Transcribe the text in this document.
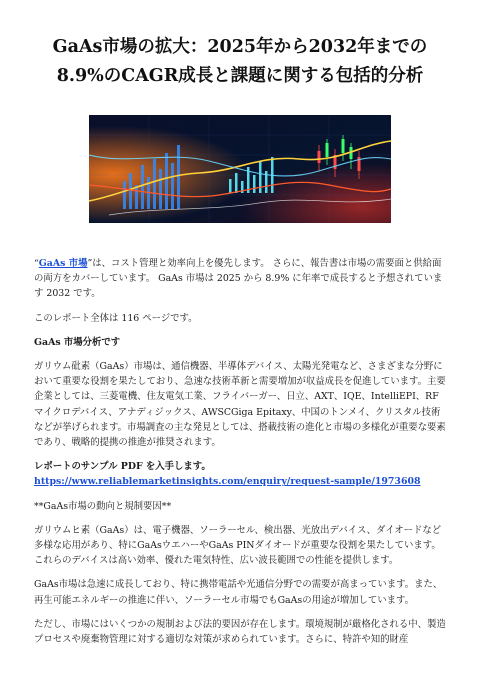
GaAs市場の拡大：2025年から2032年までの
8.9%のCAGR成長と課題に関する包括的分析

“GaAs 市場”は、コスト管理と効率向上を優先します。 さらに、報告書は市場の需要面と供給面の両方をカバーしています。 GaAs 市場は 2025 から 8.9% に年率で成長すると予想されています 2032 です。

このレポート全体は 116 ページです。

GaAs 市場分析です

ガリウム砒素（GaAs）市場は、通信機器、半導体デバイス、太陽光発電など、さまざまな分野において重要な役割を果たしており、急速な技術革新と需要増加が収益成長を促進しています。主要企業としては、三菱電機、住友電気工業、フライバーガー、日立、AXT、IQE、IntelliEPI、RFマイクロデバイス、アナディジックス、AWSCGiga Epitaxy、中国のトンメイ、クリスタル技術などが挙げられます。市場調査の主な発見としては、搭載技術の進化と市場の多様化が重要な要素であり、戦略的提携の推進が推奨されます。

レポートのサンプル PDF を入手します。 https://www.reliablemarketinsights.com/enquiry/request-sample/1973608

**GaAs市場の動向と規制要因**

ガリウムヒ素（GaAs）は、電子機器、ソーラーセル、検出器、光放出デバイス、ダイオードなど多様な応用があり、特にGaAsウエハーやGaAs PINダイオードが重要な役割を果たしています。これらのデバイスは高い効率、優れた電気特性、広い波長範囲での性能を提供します。

GaAs市場は急速に成長しており、特に携帯電話や光通信分野での需要が高まっています。また、再生可能エネルギーの推進に伴い、ソーラーセル市場でもGaAsの用途が増加しています。

ただし、市場にはいくつかの規制および法的要因が存在します。環境規制が厳格化される中、製造プロセスや廃棄物管理に対する適切な対策が求められています。さらに、特許や知的財産
